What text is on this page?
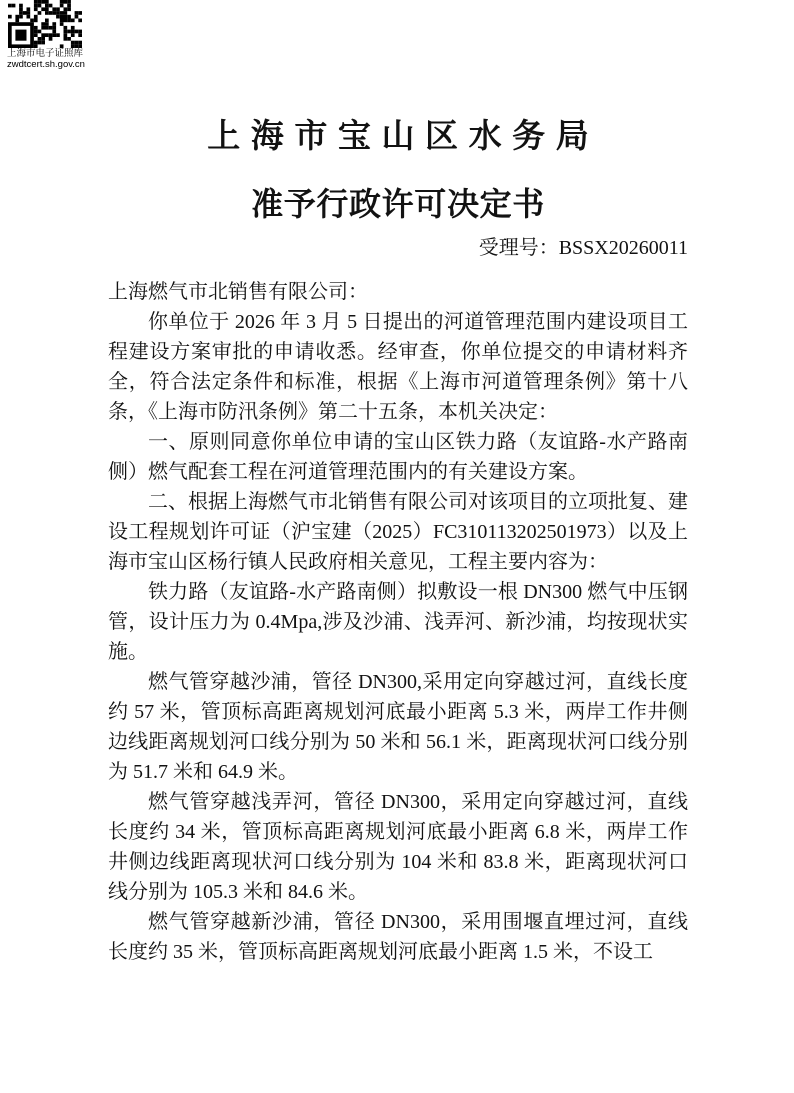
上海市电子证照库
zwdtcert.sh.gov.cn
上海市宝山区水务局
准予行政许可决定书
受理号：BSSX20260011

上海燃气市北销售有限公司：

你单位于 2026 年 3 月 5 日提出的河道管理范围内建设项目工程建设方案审批的申请收悉。经审查，你单位提交的申请材料齐全，符合法定条件和标准，根据《上海市河道管理条例》第十八条，《上海市防汛条例》第二十五条，本机关决定：

一、原则同意你单位申请的宝山区铁力路（友谊路-水产路南侧）燃气配套工程在河道管理范围内的有关建设方案。

二、根据上海燃气市北销售有限公司对该项目的立项批复、建设工程规划许可证（沪宝建（2025）FC310113202501973）以及上海市宝山区杨行镇人民政府相关意见，工程主要内容为：

铁力路（友谊路-水产路南侧）拟敷设一根 DN300 燃气中压钢管，设计压力为 0.4Mpa,涉及沙浦、浅弄河、新沙浦，均按现状实施。

燃气管穿越沙浦，管径 DN300,采用定向穿越过河，直线长度约 57 米，管顶标高距离规划河底最小距离 5.3 米，两岸工作井侧边线距离规划河口线分别为 50 米和 56.1 米，距离现状河口线分别为 51.7 米和 64.9 米。

燃气管穿越浅弄河，管径 DN300，采用定向穿越过河，直线长度约 34 米，管顶标高距离规划河底最小距离 6.8 米，两岸工作井侧边线距离现状河口线分别为 104 米和 83.8 米，距离现状河口线分别为 105.3 米和 84.6 米。

燃气管穿越新沙浦，管径 DN300，采用围堰直埋过河，直线长度约 35 米，管顶标高距离规划河底最小距离 1.5 米，不设工
